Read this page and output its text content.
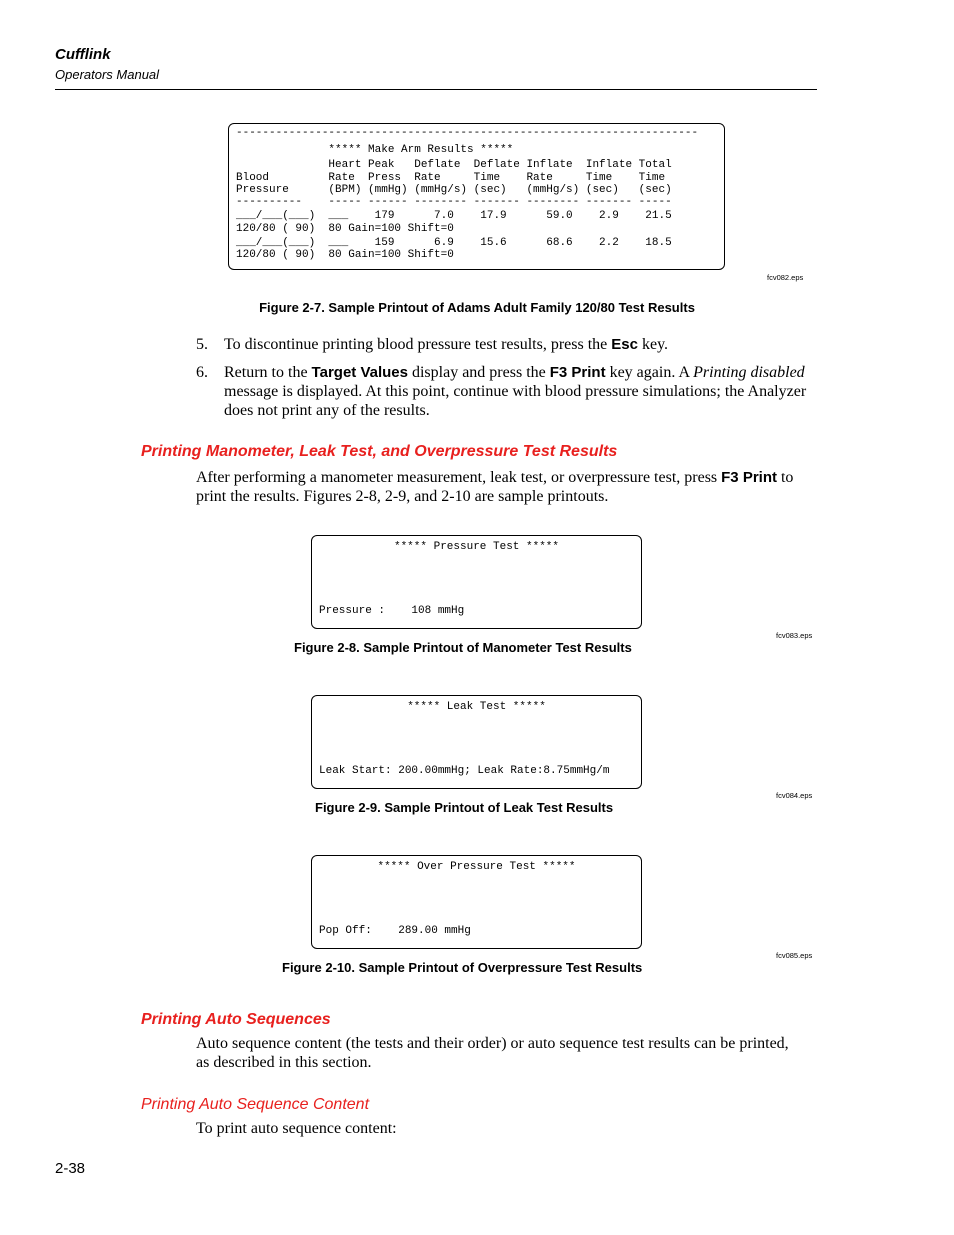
Cufflink
Operators Manual

----------------------------------------------------------------------

***** Make Arm Results *****

Heart Peak   Deflate  Deflate Inflate  Inflate Total

Blood         Rate  Press  Rate     Time    Rate     Time    Time

Pressure      (BPM) (mmHg) (mmHg/s) (sec)   (mmHg/s) (sec)   (sec)

----------    ----- ------ -------- ------- -------- ------- -----

___/___(___)  ___    179      7.0    17.9      59.0    2.9    21.5

120/80 ( 90)  80 Gain=100 Shift=0

___/___(___)  ___    159      6.9    15.6      68.6    2.2    18.5

120/80 ( 90)  80 Gain=100 Shift=0

fcv082.eps
Figure 2-7. Sample Printout of Adams Adult Family 120/80 Test Results
5.	To discontinue printing blood pressure test results, press the Esc key.
6.	Return to the Target Values display and press the F3 Print key again. A Printing disabled message is displayed. At this point, continue with blood pressure simulations; the Analyzer does not print any of the results.
Printing Manometer, Leak Test, and Overpressure Test Results
After performing a manometer measurement, leak test, or overpressure test, press F3 Print to print the results. Figures 2-8, 2-9, and 2-10 are sample printouts.

***** Pressure Test *****

Pressure :    108 mmHg

fcv083.eps
Figure 2-8. Sample Printout of Manometer Test Results

***** Leak Test *****

Leak Start: 200.00mmHg; Leak Rate:8.75mmHg/m

fcv084.eps
Figure 2-9. Sample Printout of Leak Test Results

***** Over Pressure Test *****

Pop Off:    289.00 mmHg

fcv085.eps
Figure 2-10. Sample Printout of Overpressure Test Results
Printing Auto Sequences
Auto sequence content (the tests and their order) or auto sequence test results can be printed, as described in this section.
Printing Auto Sequence Content
To print auto sequence content:
2-38
